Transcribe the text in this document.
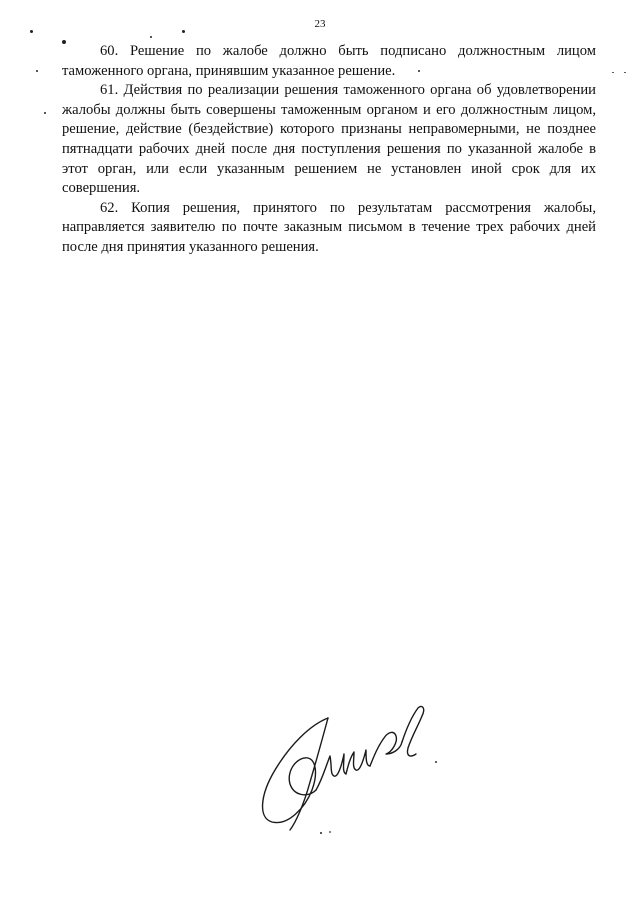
23

60. Решение по жалобе должно быть подписано должностным лицом таможенного органа, принявшим указанное решение.

61. Действия по реализации решения таможенного органа об удовлетворении жалобы должны быть совершены таможенным органом и его должностным лицом, решение, действие (бездействие) которого признаны неправомерными, не позднее пятнадцати рабочих дней после дня поступления решения по указанной жалобе в этот орган, или если указанным решением не установлен иной срок для их совершения.

62. Копия решения, принятого по результатам рассмотрения жалобы, направляется заявителю по почте заказным письмом в течение трех рабочих дней после дня принятия указанного решения.
